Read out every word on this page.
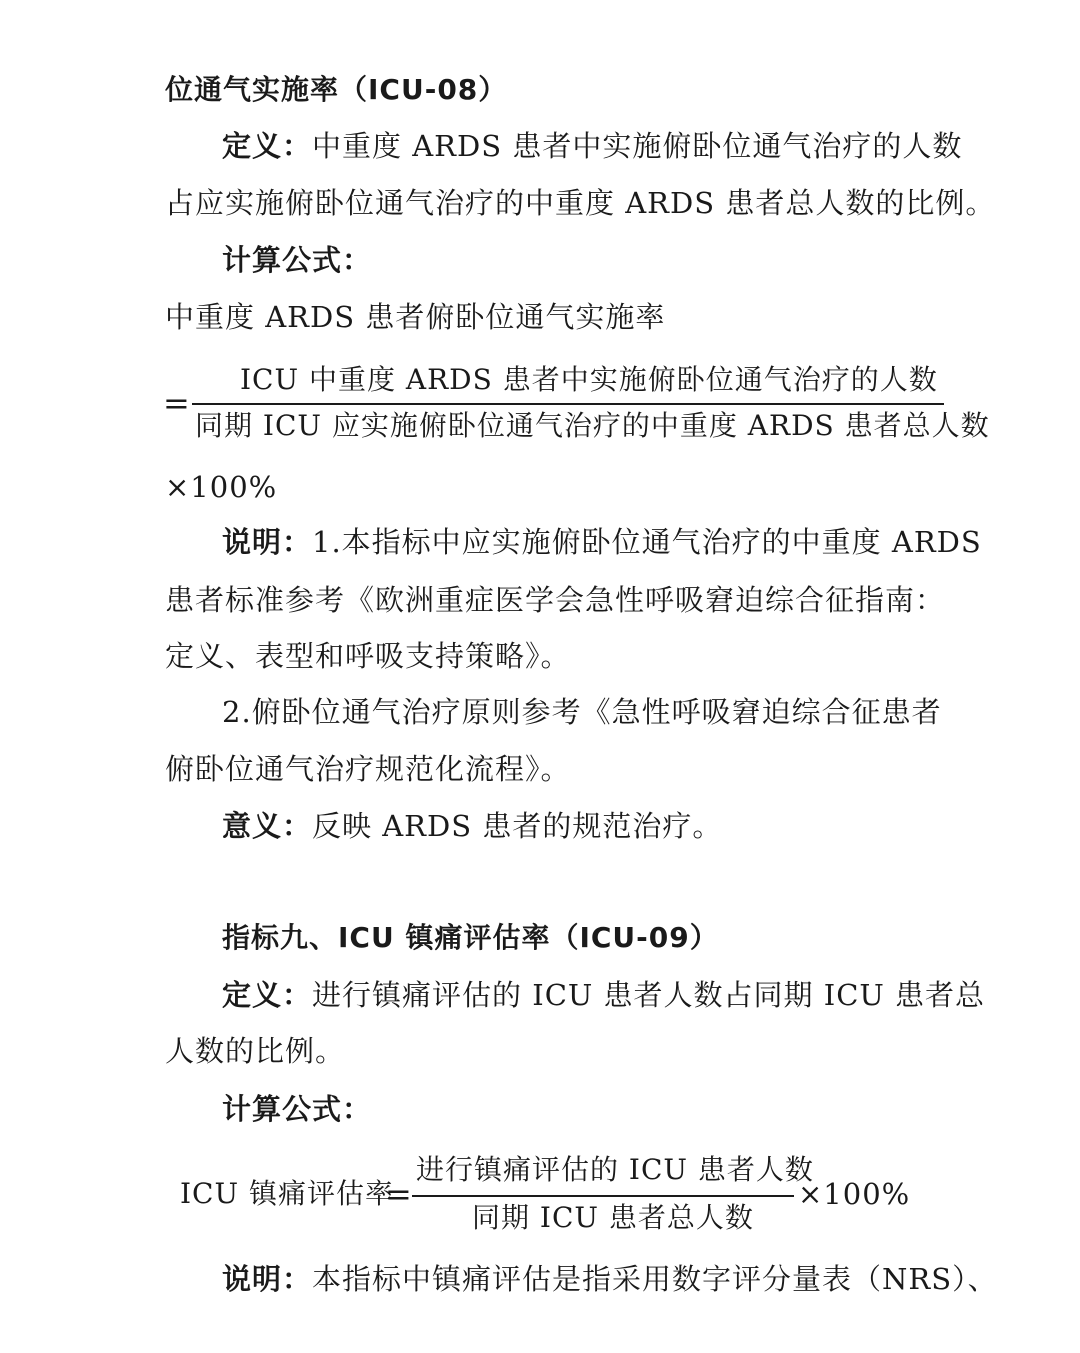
位通气实施率（ICU-08）
定义：中重度 ARDS 患者中实施俯卧位通气治疗的人数
占应实施俯卧位通气治疗的中重度 ARDS 患者总人数的比例。
计算公式：
中重度 ARDS 患者俯卧位通气实施率
=
ICU 中重度 ARDS 患者中实施俯卧位通气治疗的人数
同期 ICU 应实施俯卧位通气治疗的中重度 ARDS 患者总人数
×100%
说明：1.本指标中应实施俯卧位通气治疗的中重度 ARDS
患者标准参考《欧洲重症医学会急性呼吸窘迫综合征指南：
定义、表型和呼吸支持策略》。
2.俯卧位通气治疗原则参考《急性呼吸窘迫综合征患者
俯卧位通气治疗规范化流程》。
意义：反映 ARDS 患者的规范治疗。
指标九、ICU 镇痛评估率（ICU-09）
定义：进行镇痛评估的 ICU 患者人数占同期 ICU 患者总
人数的比例。
计算公式：
ICU 镇痛评估率
=
进行镇痛评估的 ICU 患者人数
同期 ICU 患者总人数
×100%
说明：本指标中镇痛评估是指采用数字评分量表（NRS）、
